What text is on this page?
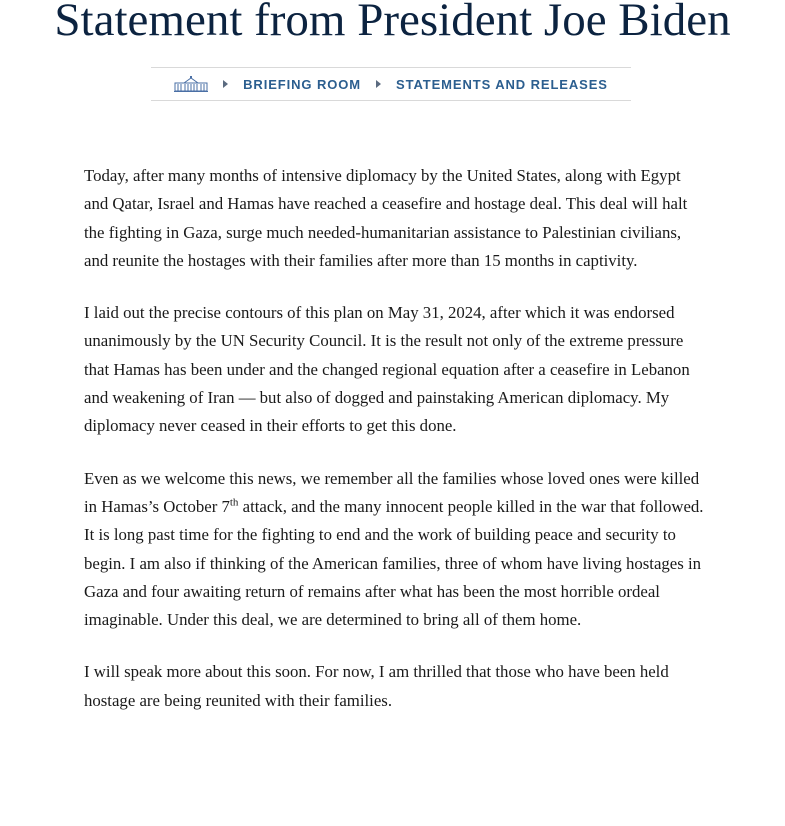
Statement from President Joe Biden
BRIEFING ROOM	STATEMENTS AND RELEASES

Today, after many months of intensive diplomacy by the United States, along with Egypt and Qatar, Israel and Hamas have reached a ceasefire and hostage deal. This deal will halt the fighting in Gaza, surge much needed-humanitarian assistance to Palestinian civilians, and reunite the hostages with their families after more than 15 months in captivity.

I laid out the precise contours of this plan on May 31, 2024, after which it was endorsed unanimously by the UN Security Council. It is the result not only of the extreme pressure that Hamas has been under and the changed regional equation after a ceasefire in Lebanon and weakening of Iran — but also of dogged and painstaking American diplomacy. My diplomacy never ceased in their efforts to get this done.

Even as we welcome this news, we remember all the families whose loved ones were killed in Hamas’s October 7th attack, and the many innocent people killed in the war that followed. It is long past time for the fighting to end and the work of building peace and security to begin. I am also if thinking of the American families, three of whom have living hostages in Gaza and four awaiting return of remains after what has been the most horrible ordeal imaginable. Under this deal, we are determined to bring all of them home.

I will speak more about this soon. For now, I am thrilled that those who have been held hostage are being reunited with their families.
